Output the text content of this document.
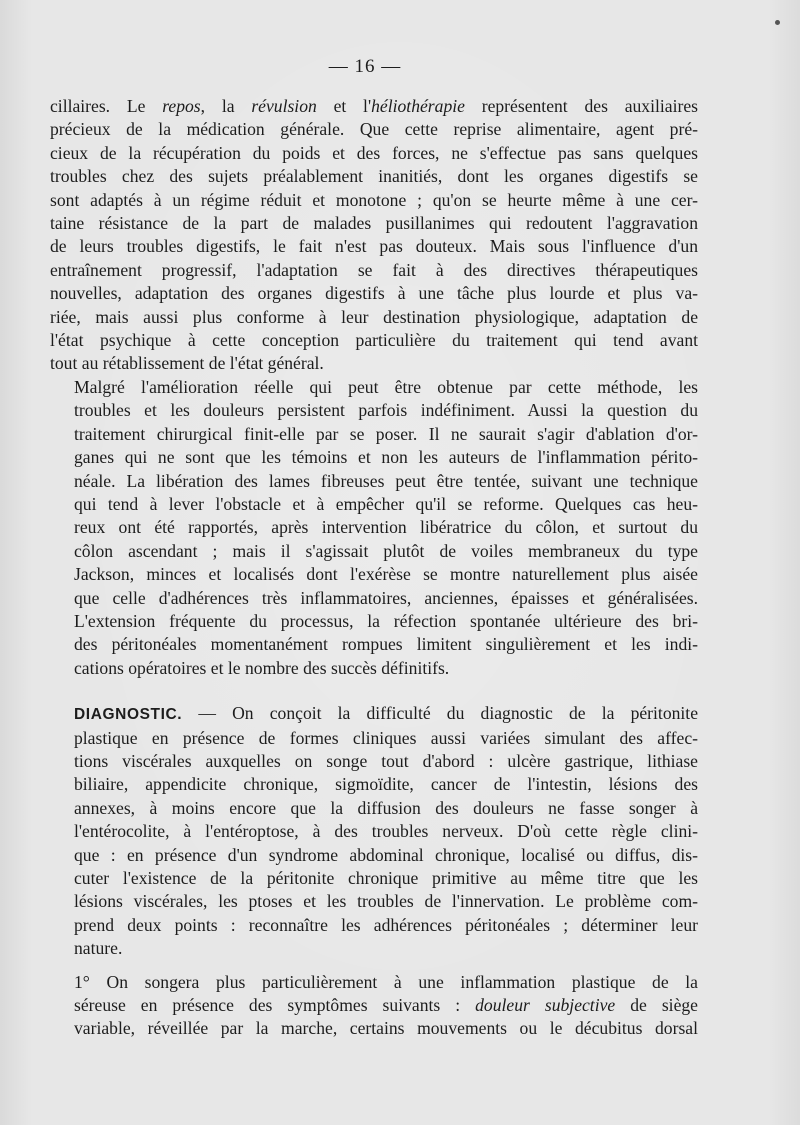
— 16 —

cillaires. Le repos, la révulsion et l'héliothérapie représentent des auxiliaires
précieux de la médication générale. Que cette reprise alimentaire, agent pré-
cieux de la récupération du poids et des forces, ne s'effectue pas sans quelques
troubles chez des sujets préalablement inanitiés, dont les organes digestifs se
sont adaptés à un régime réduit et monotone ; qu'on se heurte même à une cer-
taine résistance de la part de malades pusillanimes qui redoutent l'aggravation
de leurs troubles digestifs, le fait n'est pas douteux. Mais sous l'influence d'un
entraînement progressif, l'adaptation se fait à des directives thérapeutiques
nouvelles, adaptation des organes digestifs à une tâche plus lourde et plus va-
riée, mais aussi plus conforme à leur destination physiologique, adaptation de
l'état psychique à cette conception particulière du traitement qui tend avant
tout au rétablissement de l'état général.

Malgré l'amélioration réelle qui peut être obtenue par cette méthode, les
troubles et les douleurs persistent parfois indéfiniment. Aussi la question du
traitement chirurgical finit-elle par se poser. Il ne saurait s'agir d'ablation d'or-
ganes qui ne sont que les témoins et non les auteurs de l'inflammation périto-
néale. La libération des lames fibreuses peut être tentée, suivant une technique
qui tend à lever l'obstacle et à empêcher qu'il se reforme. Quelques cas heu-
reux ont été rapportés, après intervention libératrice du côlon, et surtout du
côlon ascendant ; mais il s'agissait plutôt de voiles membraneux du type
Jackson, minces et localisés dont l'exérèse se montre naturellement plus aisée
que celle d'adhérences très inflammatoires, anciennes, épaisses et généralisées.
L'extension fréquente du processus, la réfection spontanée ultérieure des bri-
des péritonéales momentanément rompues limitent singulièrement et les indi-
cations opératoires et le nombre des succès définitifs.

DIAGNOSTIC. — On conçoit la difficulté du diagnostic de la péritonite
plastique en présence de formes cliniques aussi variées simulant des affec-
tions viscérales auxquelles on songe tout d'abord : ulcère gastrique, lithiase
biliaire, appendicite chronique, sigmoïdite, cancer de l'intestin, lésions des
annexes, à moins encore que la diffusion des douleurs ne fasse songer à
l'entérocolite, à l'entéroptose, à des troubles nerveux. D'où cette règle clini-
que : en présence d'un syndrome abdominal chronique, localisé ou diffus, dis-
cuter l'existence de la péritonite chronique primitive au même titre que les
lésions viscérales, les ptoses et les troubles de l'innervation. Le problème com-
prend deux points : reconnaître les adhérences péritonéales ; déterminer leur
nature.

1° On songera plus particulièrement à une inflammation plastique de la
séreuse en présence des symptômes suivants : douleur subjective de siège
variable, réveillée par la marche, certains mouvements ou le décubitus dorsal
